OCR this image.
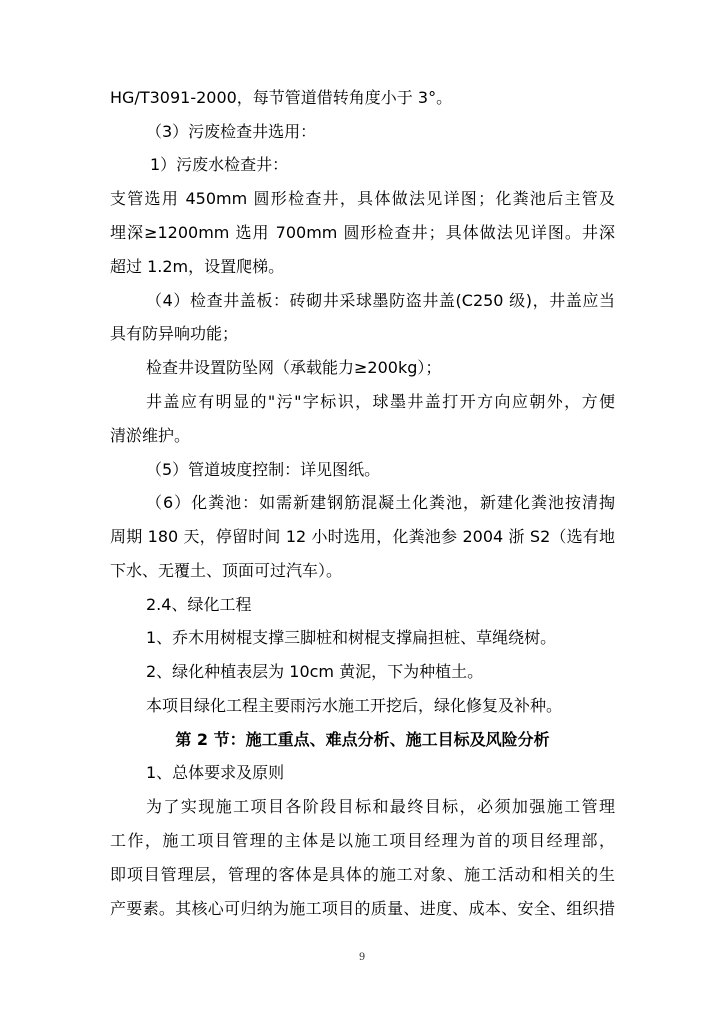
HG/T3091-2000，每节管道借转角度小于 3°。
（3）污废检查井选用：
1）污废水检查井：
支管选用 450mm 圆形检查井，具体做法见详图；化粪池后主管及
埋深≥1200mm 选用 700mm 圆形检查井；具体做法见详图。井深
超过 1.2m，设置爬梯。
（4）检查井盖板：砖砌井采球墨防盗井盖(C250 级)，井盖应当
具有防异响功能；
检查井设置防坠网（承载能力≥200kg）；
井盖应有明显的"污"字标识，球墨井盖打开方向应朝外，方便
清淤维护。
（5）管道坡度控制：详见图纸。
（6）化粪池：如需新建钢筋混凝土化粪池，新建化粪池按清掏
周期 180 天，停留时间 12 小时选用，化粪池参 2004 浙 S2（选有地
下水、无覆土、顶面可过汽车）。
2.4、绿化工程
1、乔木用树棍支撑三脚桩和树棍支撑扁担桩、草绳绕树。
2、绿化种植表层为 10cm 黄泥，下为种植土。
本项目绿化工程主要雨污水施工开挖后，绿化修复及补种。
第 2 节：施工重点、难点分析、施工目标及风险分析
1、总体要求及原则
为了实现施工项目各阶段目标和最终目标，必须加强施工管理
工作，施工项目管理的主体是以施工项目经理为首的项目经理部，
即项目管理层，管理的客体是具体的施工对象、施工活动和相关的生
产要素。其核心可归纳为施工项目的质量、进度、成本、安全、组织措
9
